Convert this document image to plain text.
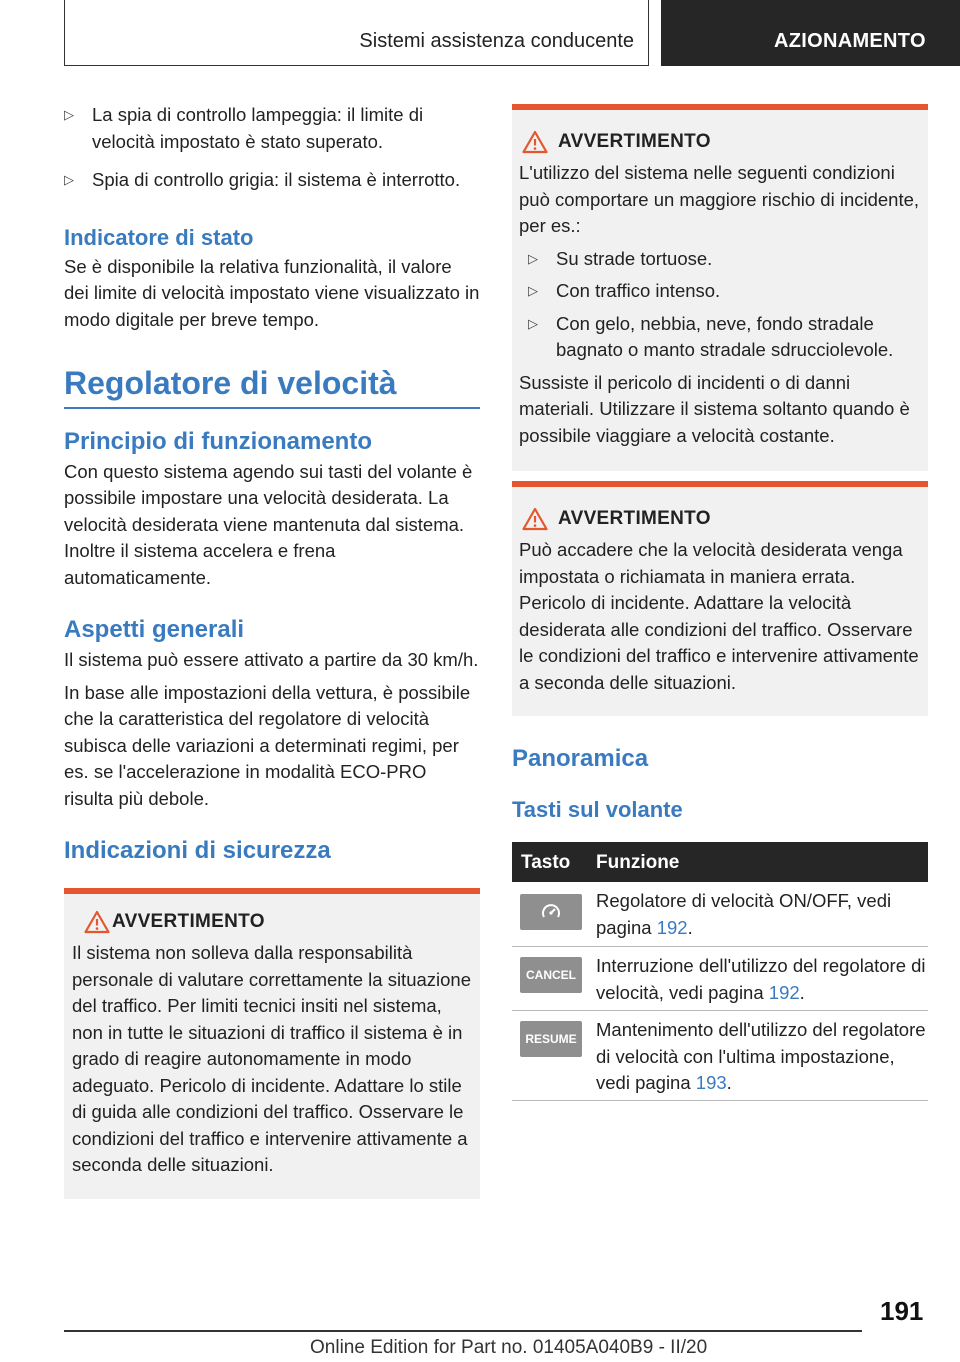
Sistemi assistenza conducente	AZIONAMENTO
▷ La spia di controllo lampeggia: il limite di velocità impostato è stato superato.
▷ Spia di controllo grigia: il sistema è interrotto.
Indicatore di stato
Se è disponibile la relativa funzionalità, il valore dei limite di velocità impostato viene visualizzato in modo digitale per breve tempo.
Regolatore di velocità
Principio di funzionamento
Con questo sistema agendo sui tasti del volante è possibile impostare una velocità desiderata. La velocità desiderata viene mantenuta dal sistema. Inoltre il sistema accelera e frena automaticamente.
Aspetti generali
Il sistema può essere attivato a partire da 30 km/h.
In base alle impostazioni della vettura, è possibile che la caratteristica del regolatore di velocità subisca delle variazioni a determinati regimi, per es. se l'accelerazione in modalità ECO-PRO risulta più debole.
Indicazioni di sicurezza
AVVERTIMENTO
Il sistema non solleva dalla responsabilità personale di valutare correttamente la situazione del traffico. Per limiti tecnici insiti nel sistema, non in tutte le situazioni di traffico il sistema è in grado di reagire autonomamente in modo adeguato. Pericolo di incidente. Adattare lo stile di guida alle condizioni del traffico. Osservare le condizioni del traffico e intervenire attivamente a seconda delle situazioni.
AVVERTIMENTO
L'utilizzo del sistema nelle seguenti condizioni può comportare un maggiore rischio di incidente, per es.:
▷ Su strade tortuose.
▷ Con traffico intenso.
▷ Con gelo, nebbia, neve, fondo stradale bagnato o manto stradale sdrucciolevole.
Sussiste il pericolo di incidenti o di danni materiali. Utilizzare il sistema soltanto quando è possibile viaggiare a velocità costante.
AVVERTIMENTO
Può accadere che la velocità desiderata venga impostata o richiamata in maniera errata. Pericolo di incidente. Adattare la velocità desiderata alle condizioni del traffico. Osservare le condizioni del traffico e intervenire attivamente a seconda delle situazioni.
Panoramica
Tasti sul volante
Tasto Funzione
Regolatore di velocità ON/OFF, vedi pagina 192.
CANCEL	Interruzione dell'utilizzo del regolatore di velocità, vedi pagina 192.
RESUME Mantenimento dell'utilizzo del regolatore di velocità con l'ultima impostazione, vedi pagina 193.
191
Online Edition for Part no. 01405A040B9 - II/20
